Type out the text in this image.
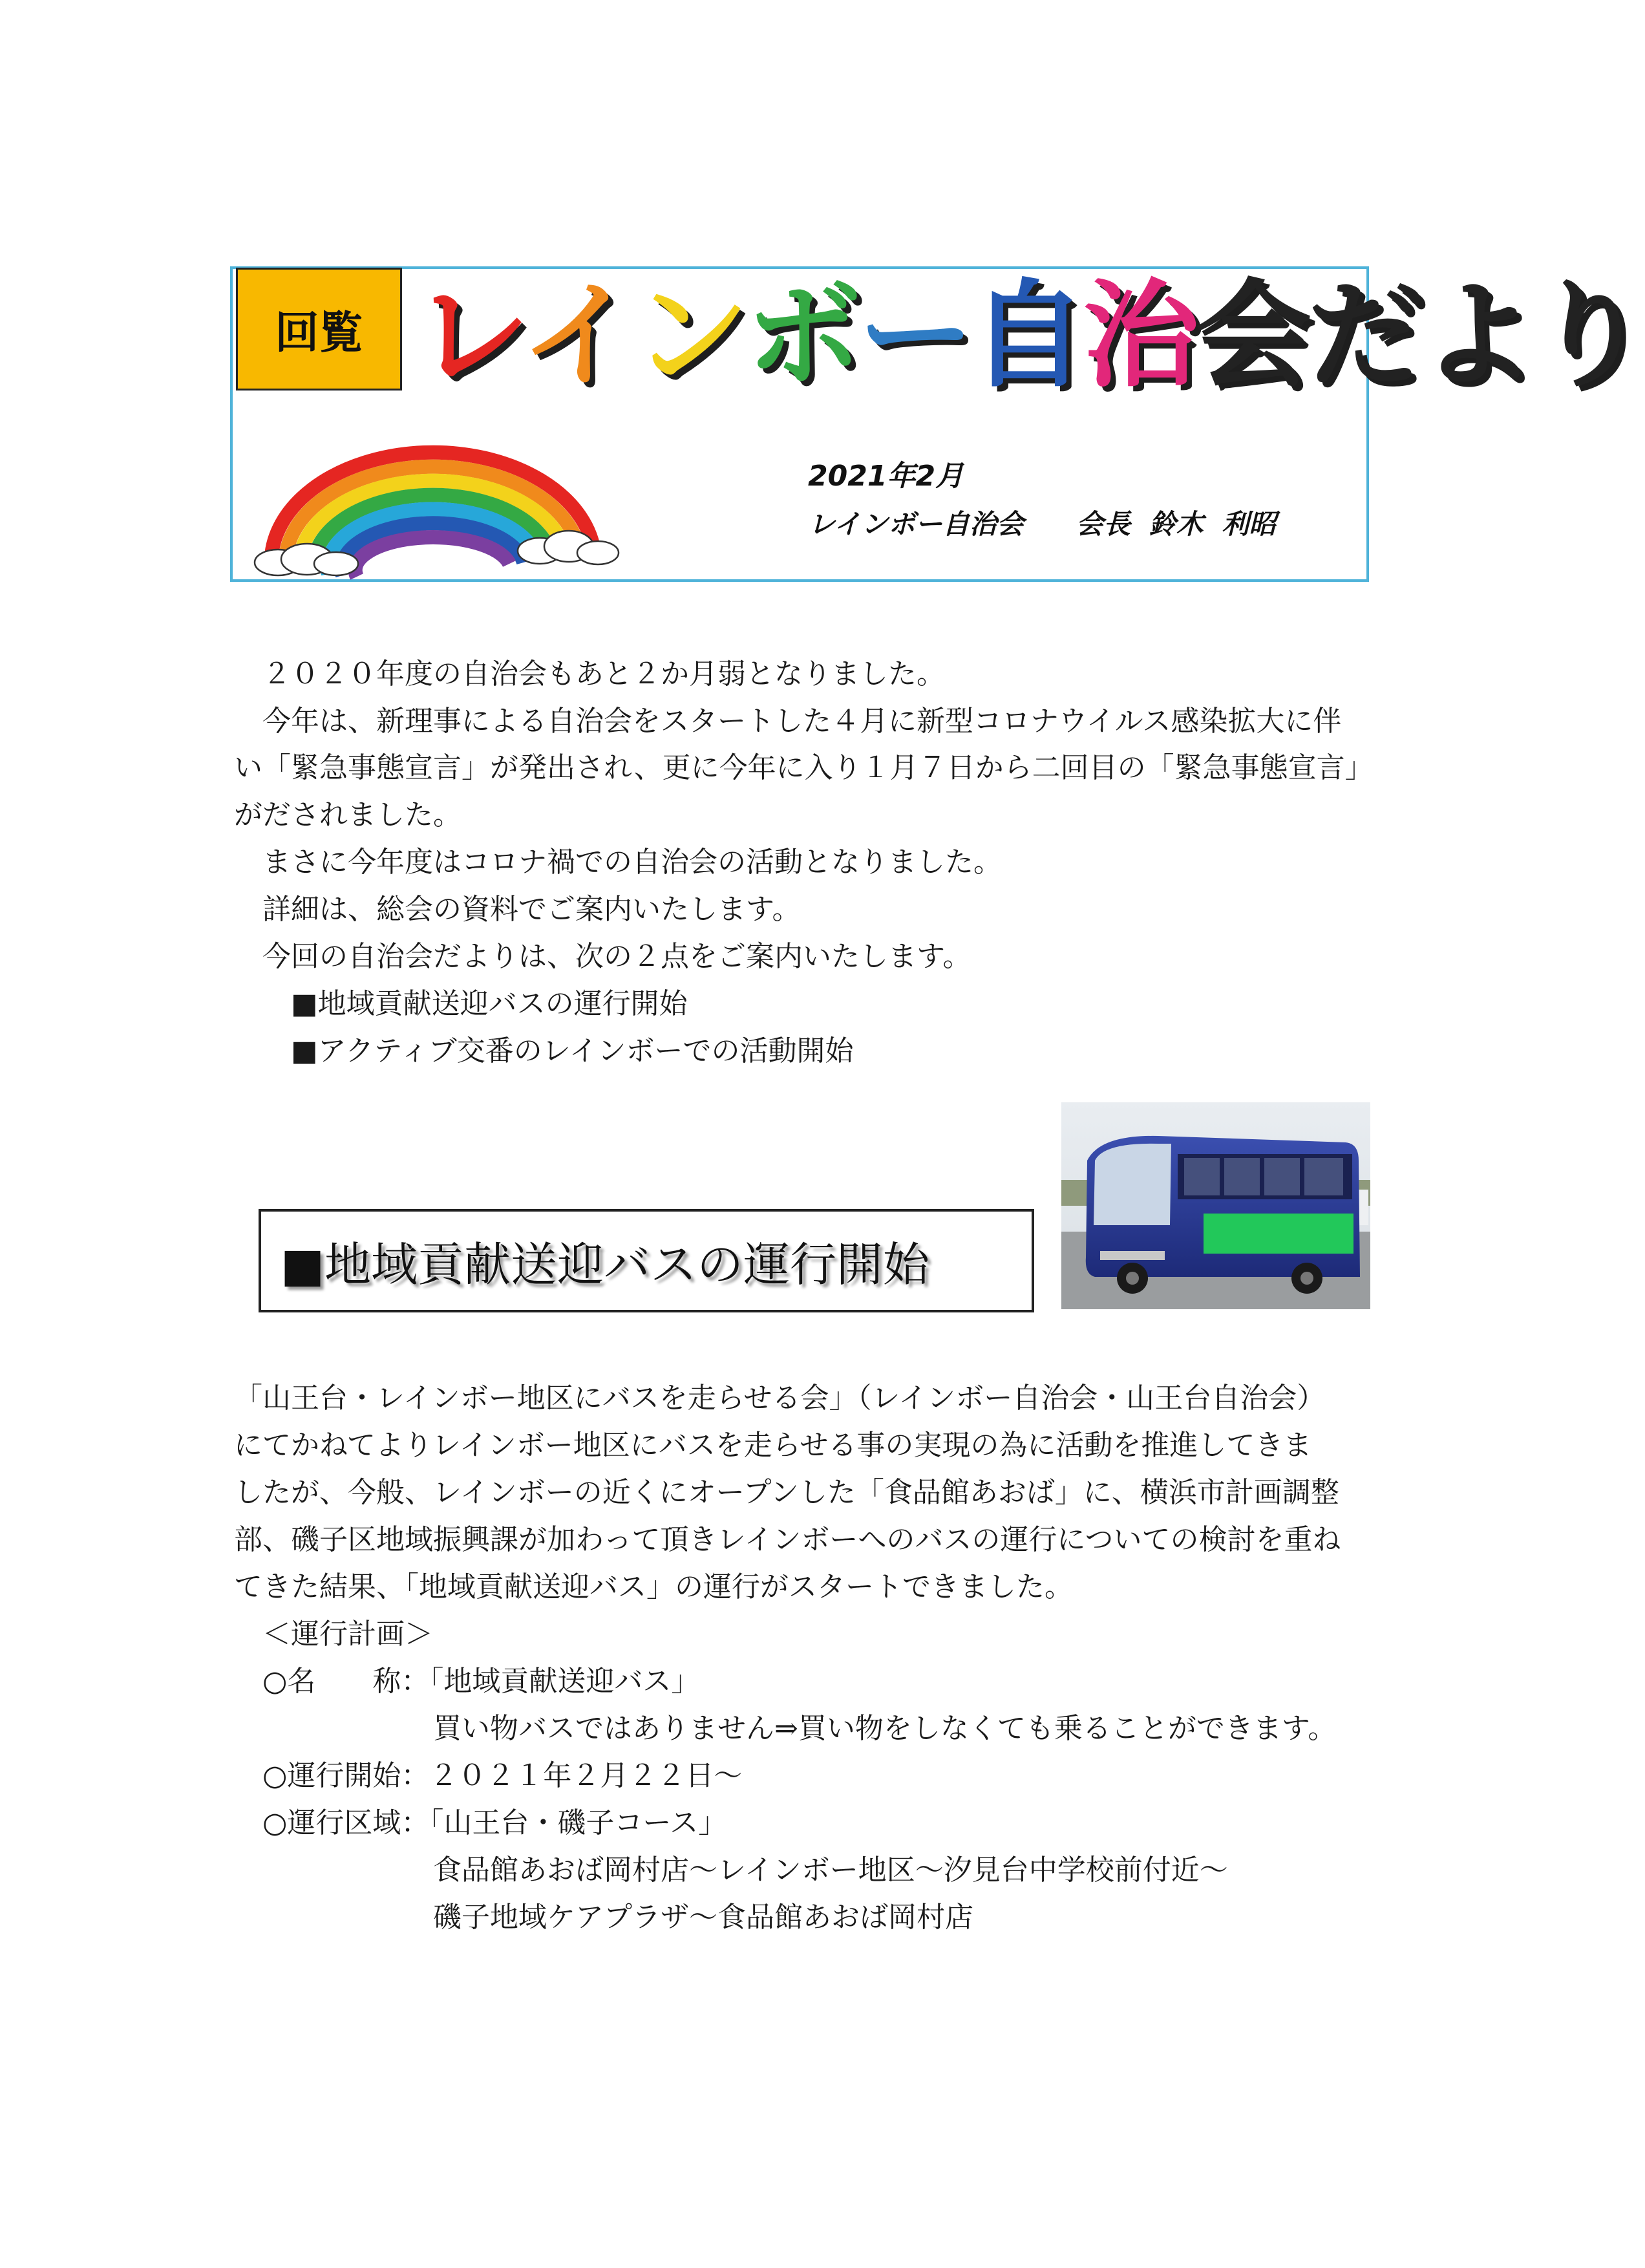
回覧 レインボー自治会だより
2021年2月
レインボー自治会 会長 鈴木 利昭
　２０２０年度の自治会もあと２か月弱となりました。
　今年は、新理事による自治会をスタートした４月に新型コロナウイルス感染拡大に伴
い「緊急事態宣言」が発出され、更に今年に入り１月７日から二回目の「緊急事態宣言」
がだされました。
　まさに今年度はコロナ禍での自治会の活動となりました。
　詳細は、総会の資料でご案内いたします。
　今回の自治会だよりは、次の２点をご案内いたします。
　　■地域貢献送迎バスの運行開始
　　■アクティブ交番のレインボーでの活動開始
■地域貢献送迎バスの運行開始
「山王台・レインボー地区にバスを走らせる会」（レインボー自治会・山王台自治会）
にてかねてよりレインボー地区にバスを走らせる事の実現の為に活動を推進してきま
したが、今般、レインボーの近くにオープンした「食品館あおば」に、横浜市計画調整
部、磯子区地域振興課が加わって頂きレインボーへのバスの運行についての検討を重ね
てきた結果、「地域貢献送迎バス」の運行がスタートできました。
　＜運行計画＞
　○名　　称：「地域貢献送迎バス」
　　　　　　　買い物バスではありません⇒買い物をしなくても乗ることができます。
　○運行開始：２０２１年２月２２日～
　○運行区域：「山王台・磯子コース」
　　　　　　　食品館あおば岡村店～レインボー地区～汐見台中学校前付近～
　　　　　　　磯子地域ケアプラザ～食品館あおば岡村店
